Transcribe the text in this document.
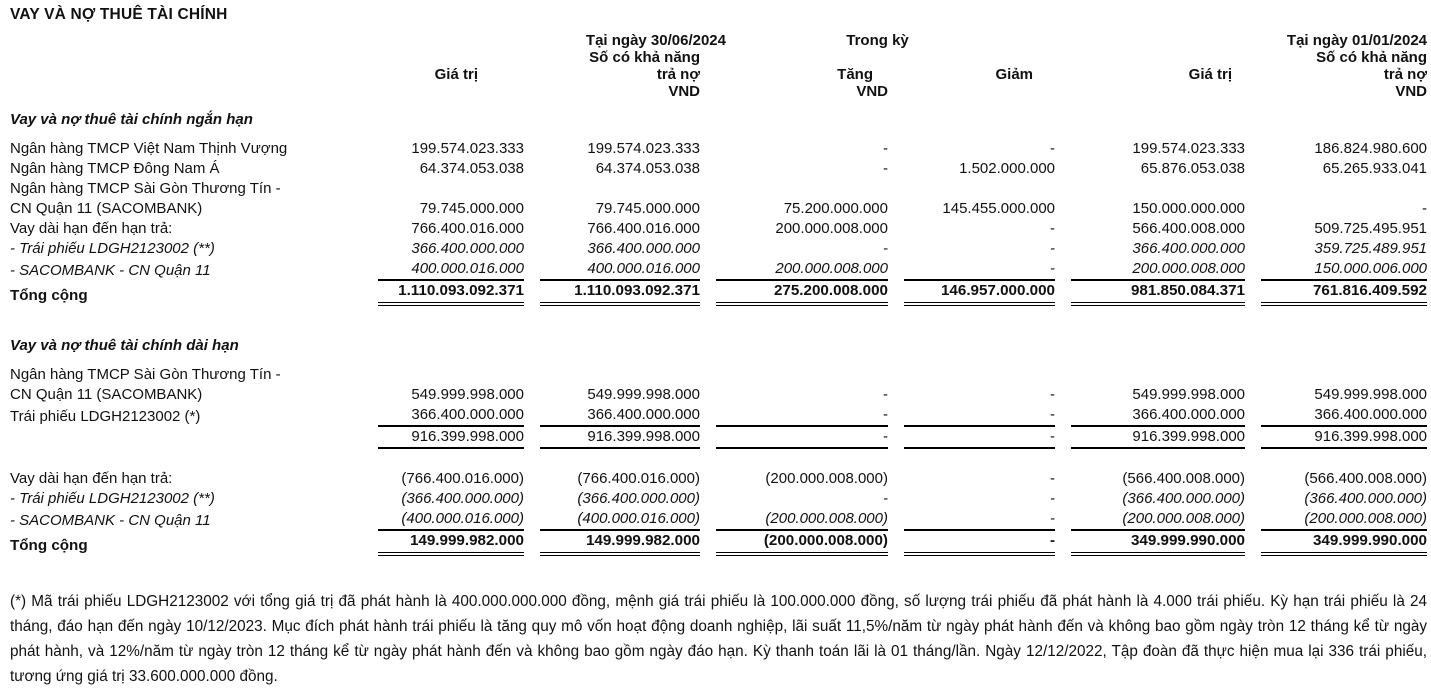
VAY VÀ NỢ THUÊ TÀI CHÍNH
	Tại ngày 30/06/2024		Trong kỳ		Tại ngày 01/01/2024	
		Số có khả năng				Số có khả năng
	Giá trị	trả nợ	Tăng	Giảm	Giá trị	trả nợ
		VND	VND			VND

Vay và nợ thuê tài chính ngắn hạn						

Ngân hàng TMCP Việt Nam Thịnh Vượng	199.574.023.333	199.574.023.333	-	-	199.574.023.333	186.824.980.600

Ngân hàng TMCP Đông Nam Á	64.374.053.038	64.374.053.038	-	1.502.000.000	65.876.053.038	65.265.933.041

Ngân hàng TMCP Sài Gòn Thương Tín -
CN Quận 11 (SACOMBANK)	79.745.000.000	79.745.000.000	75.200.000.000	145.455.000.000	150.000.000.000	-

Vay dài hạn đến hạn trả:	766.400.016.000	766.400.016.000	200.000.008.000	-	566.400.008.000	509.725.495.951

- Trái phiếu LDGH2123002 (**)	366.400.000.000	366.400.000.000	-	-	366.400.000.000	359.725.489.951

- SACOMBANK - CN Quận 11	400.000.016.000	400.000.016.000	200.000.008.000	-	200.000.008.000	150.000.006.000

Tổng cộng	1.110.093.092.371	1.110.093.092.371	275.200.008.000	146.957.000.000	981.850.084.371	761.816.409.592

Vay và nợ thuê tài chính dài hạn						

Ngân hàng TMCP Sài Gòn Thương Tín -
CN Quận 11 (SACOMBANK)	549.999.998.000	549.999.998.000	-	-	549.999.998.000	549.999.998.000

Trái phiếu LDGH2123002 (*)	366.400.000.000	366.400.000.000	-	-	366.400.000.000	366.400.000.000

	916.399.998.000	916.399.998.000	-	-	916.399.998.000	916.399.998.000

Vay dài hạn đến hạn trả:	(766.400.016.000)	(766.400.016.000)	(200.000.008.000)	-	(566.400.008.000)	(566.400.008.000)

- Trái phiếu LDGH2123002 (**)	(366.400.000.000)	(366.400.000.000)	-	-	(366.400.000.000)	(366.400.000.000)

- SACOMBANK - CN Quận 11	(400.000.016.000)	(400.000.016.000)	(200.000.008.000)	-	(200.000.008.000)	(200.000.008.000)

Tổng cộng	149.999.982.000	149.999.982.000	(200.000.008.000)	-	349.999.990.000	349.999.990.000
(*) Mã trái phiếu LDGH2123002 với tổng giá trị đã phát hành là 400.000.000.000 đồng, mệnh giá trái phiếu là 100.000.000 đồng, số lượng trái phiếu đã phát hành là 4.000 trái phiếu. Kỳ hạn trái phiếu là 24 tháng, đáo hạn đến ngày 10/12/2023. Mục đích phát hành trái phiếu là tăng quy mô vốn hoạt động doanh nghiệp, lãi suất 11,5%/năm từ ngày phát hành đến và không bao gồm ngày tròn 12 tháng kể từ ngày phát hành, và 12%/năm từ ngày tròn 12 tháng kể từ ngày phát hành đến và không bao gồm ngày đáo hạn. Kỳ thanh toán lãi là 01 tháng/lần. Ngày 12/12/2022, Tập đoàn đã thực hiện mua lại 336 trái phiếu, tương ứng giá trị 33.600.000.000 đồng.
